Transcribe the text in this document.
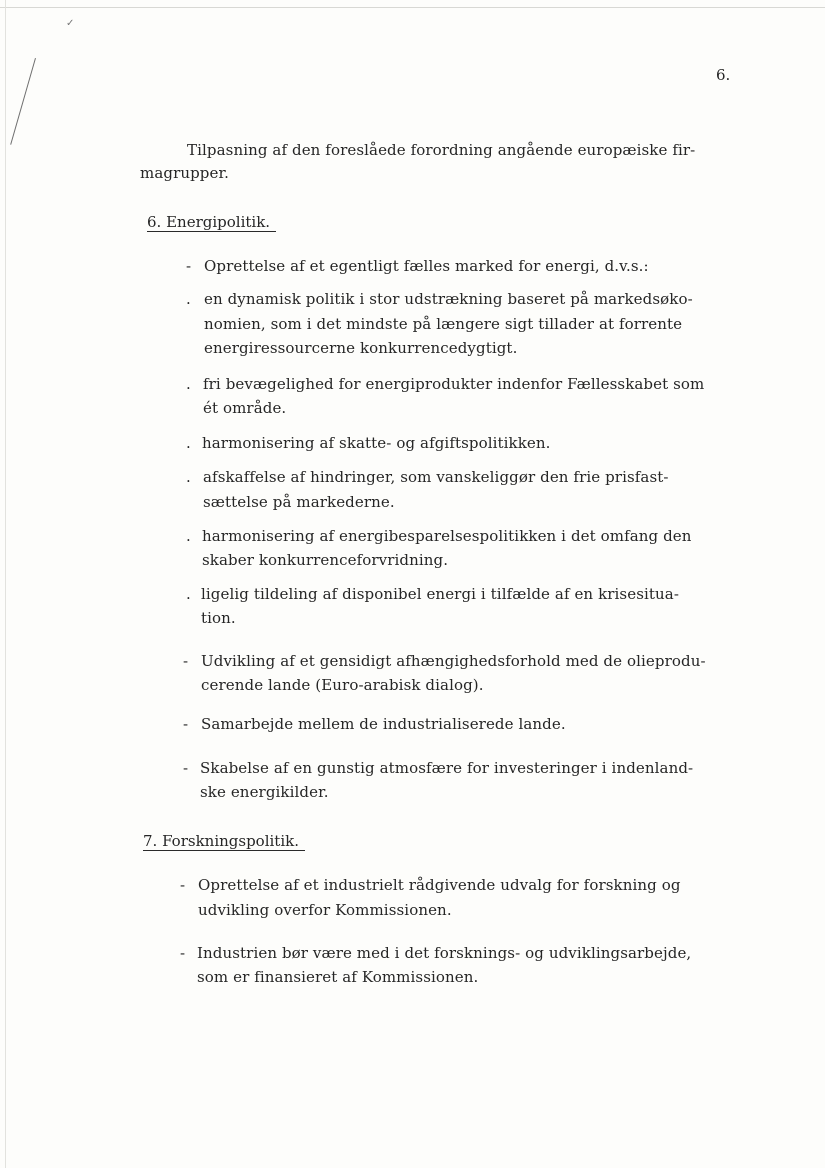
✓
6.
Tilpasning af den foreslåede forordning angående europæiske fir-
magrupper.
6. Energipolitik.
- Oprettelse af et egentligt fælles marked for energi, d.v.s.:
. en dynamisk politik i stor udstrækning baseret på markedsøko-
nomien, som i det mindste på længere sigt tillader at forrente
energiressourcerne konkurrencedygtigt.
. fri bevægelighed for energiprodukter indenfor Fællesskabet som
ét område.
. harmonisering af skatte- og afgiftspolitikken.
. afskaffelse af hindringer, som vanskeliggør den frie prisfast-
sættelse på markederne.
. harmonisering af energibesparelsespolitikken i det omfang den
skaber konkurrenceforvridning.
. ligelig tildeling af disponibel energi i tilfælde af en krisesitua-
tion.
- Udvikling af et gensidigt afhængighedsforhold med de olieprodu-
cerende lande (Euro-arabisk dialog).
- Samarbejde mellem de industrialiserede lande.
- Skabelse af en gunstig atmosfære for investeringer i indenland-
ske energikilder.
7. Forskningspolitik.
- Oprettelse af et industrielt rådgivende udvalg for forskning og
udvikling overfor Kommissionen.
- Industrien bør være med i det forsknings- og udviklingsarbejde,
som er finansieret af Kommissionen.
